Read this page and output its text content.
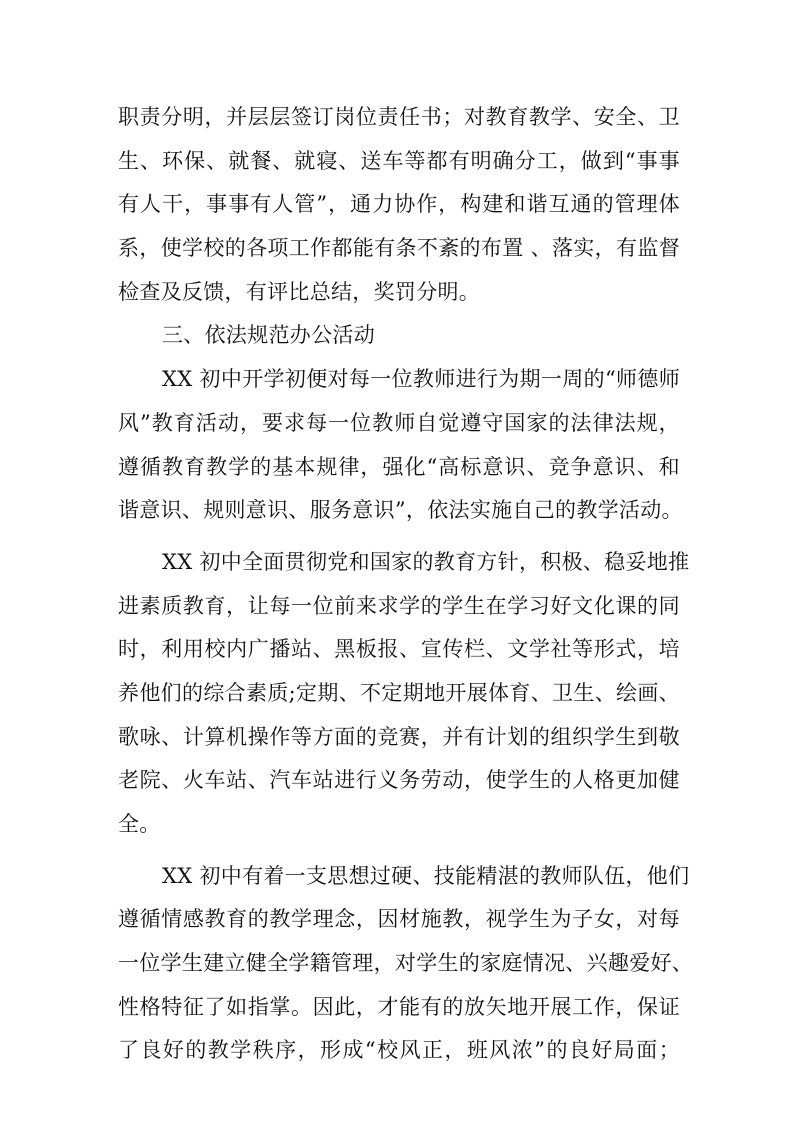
职责分明，并层层签订岗位责任书；对教育教学、安全、卫
生、环保、就餐、就寝、送车等都有明确分工，做到“事事
有人干，事事有人管”，通力协作，构建和谐互通的管理体
系，使学校的各项工作都能有条不紊的布置 、落实，有监督
检查及反馈，有评比总结，奖罚分明。
三、依法规范办公活动
XX 初中开学初便对每一位教师进行为期一周的“师德师
风”教育活动，要求每一位教师自觉遵守国家的法律法规，
遵循教育教学的基本规律，强化“高标意识、竞争意识、和
谐意识、规则意识、服务意识”，依法实施自己的教学活动。
XX 初中全面贯彻党和国家的教育方针，积极、稳妥地推
进素质教育，让每一位前来求学的学生在学习好文化课的同
时，利用校内广播站、黑板报、宣传栏、文学社等形式，培
养他们的综合素质;定期、不定期地开展体育、卫生、绘画、
歌咏、计算机操作等方面的竞赛，并有计划的组织学生到敬
老院、火车站、汽车站进行义务劳动，使学生的人格更加健
全。
XX 初中有着一支思想过硬、技能精湛的教师队伍，他们
遵循情感教育的教学理念，因材施教，视学生为子女，对每
一位学生建立健全学籍管理，对学生的家庭情况、兴趣爱好、
性格特征了如指掌。因此，才能有的放矢地开展工作，保证
了良好的教学秩序，形成“校风正，班风浓”的良好局面；
